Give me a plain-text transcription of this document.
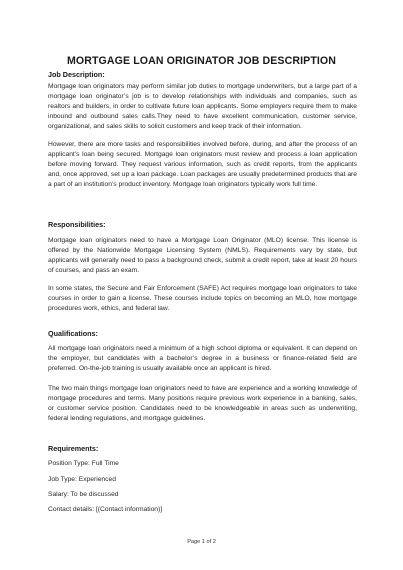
MORTGAGE LOAN ORIGINATOR JOB DESCRIPTION
Job Description:
Mortgage loan originators may perform similar job duties to mortgage underwriters, but a large part of a mortgage loan originator’s job is to develop relationships with individuals and companies, such as realtors and builders, in order to cultivate future loan applicants. Some employers require them to make inbound and outbound sales calls.They need to have excellent communication, customer service, organizational, and sales skills to solicit customers and keep track of their information.
However, there are more tasks and responsibilities involved before, during, and after the process of an applicant’s loan being secured. Mortgage loan originators must review and process a loan application before moving forward. They request various information, such as credit reports, from the applicants and, once approved, set up a loan package. Loan packages are usually predetermined products that are a part of an institution’s product inventory. Mortgage loan originators typically work full time.
Responsibilities:
Mortgage loan originators need to have a Mortgage Loan Originator (MLO) license. This license is offered by the Nationwide Mortgage Licensing System (NMLS). Requirements vary by state, but applicants will generally need to pass a background check, submit a credit report, take at least 20 hours of courses, and pass an exam.
In some states, the Secure and Fair Enforcement (SAFE) Act requires mortgage loan originators to take courses in order to gain a license. These courses include topics on becoming an MLO, how mortgage procedures work, ethics, and federal law.
Qualifications:
All mortgage loan originators need a minimum of a high school diploma or equivalent. It can depend on the employer, but candidates with a bachelor’s degree in a business or finance-related field are preferred. On-the-job training is usually available once an applicant is hired.
The two main things mortgage loan originators need to have are experience and a working knowledge of mortgage procedures and terms. Many positions require previous work experience in a banking, sales, or customer service position. Candidates need to be knowledgeable in areas such as underwriting, federal lending regulations, and mortgage guidelines.
Requirements:
Position Type: Full Time
Job Type: Experienced
Salary: To be discussed
Contact details: [(Contact information)]
Page 1 of 2
